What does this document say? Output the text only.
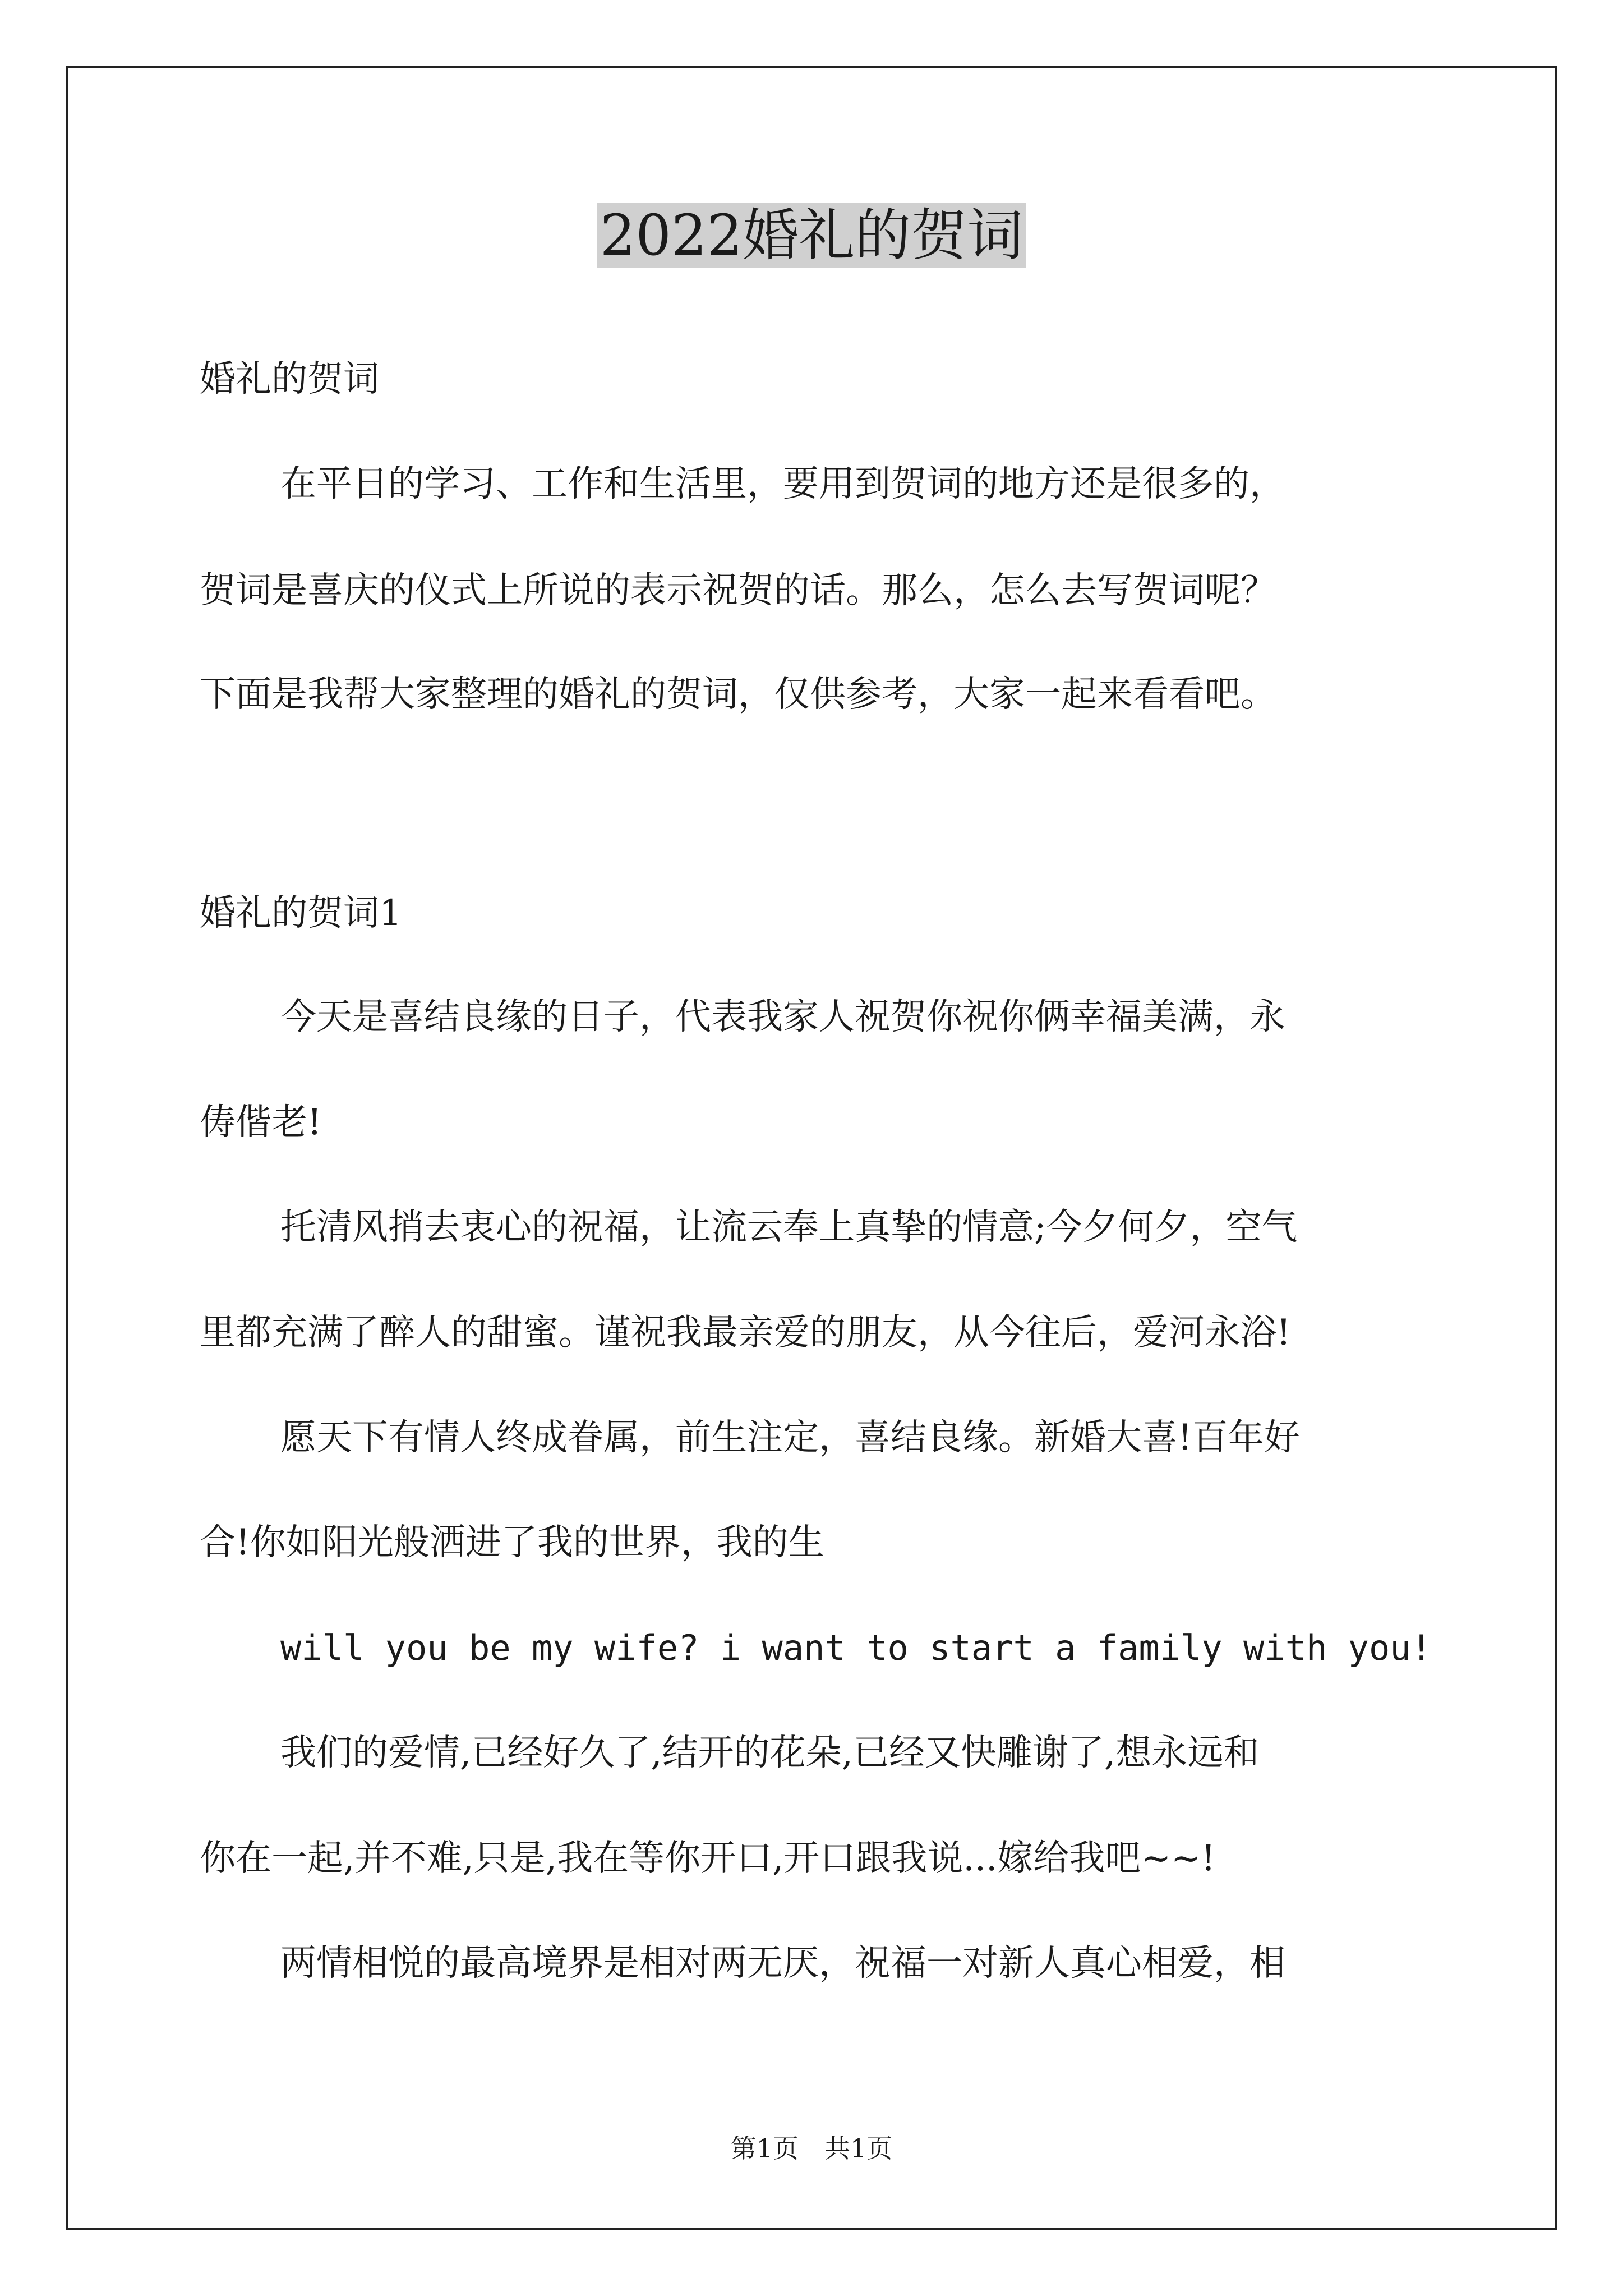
2022婚礼的贺词

婚礼的贺词

在平日的学习、工作和生活里，要用到贺词的地方还是很多的，

贺词是喜庆的仪式上所说的表示祝贺的话。那么，怎么去写贺词呢？

下面是我帮大家整理的婚礼的贺词，仅供参考，大家一起来看看吧。

婚礼的贺词1

今天是喜结良缘的日子，代表我家人祝贺你祝你俩幸福美满，永

俦偕老!

托清风捎去衷心的祝福，让流云奉上真挚的情意;今夕何夕，空气

里都充满了醉人的甜蜜。谨祝我最亲爱的朋友，从今往后，爱河永浴!

愿天下有情人终成眷属，前生注定，喜结良缘。新婚大喜!百年好

合!你如阳光般洒进了我的世界，我的生

will you be my wife? i want to start a family with you!

我们的爱情,已经好久了,结开的花朵,已经又快雕谢了,想永远和

你在一起,并不难,只是,我在等你开口,开口跟我说...嫁给我吧~~!

两情相悦的最高境界是相对两无厌，祝福一对新人真心相爱，相

第1页　共1页
